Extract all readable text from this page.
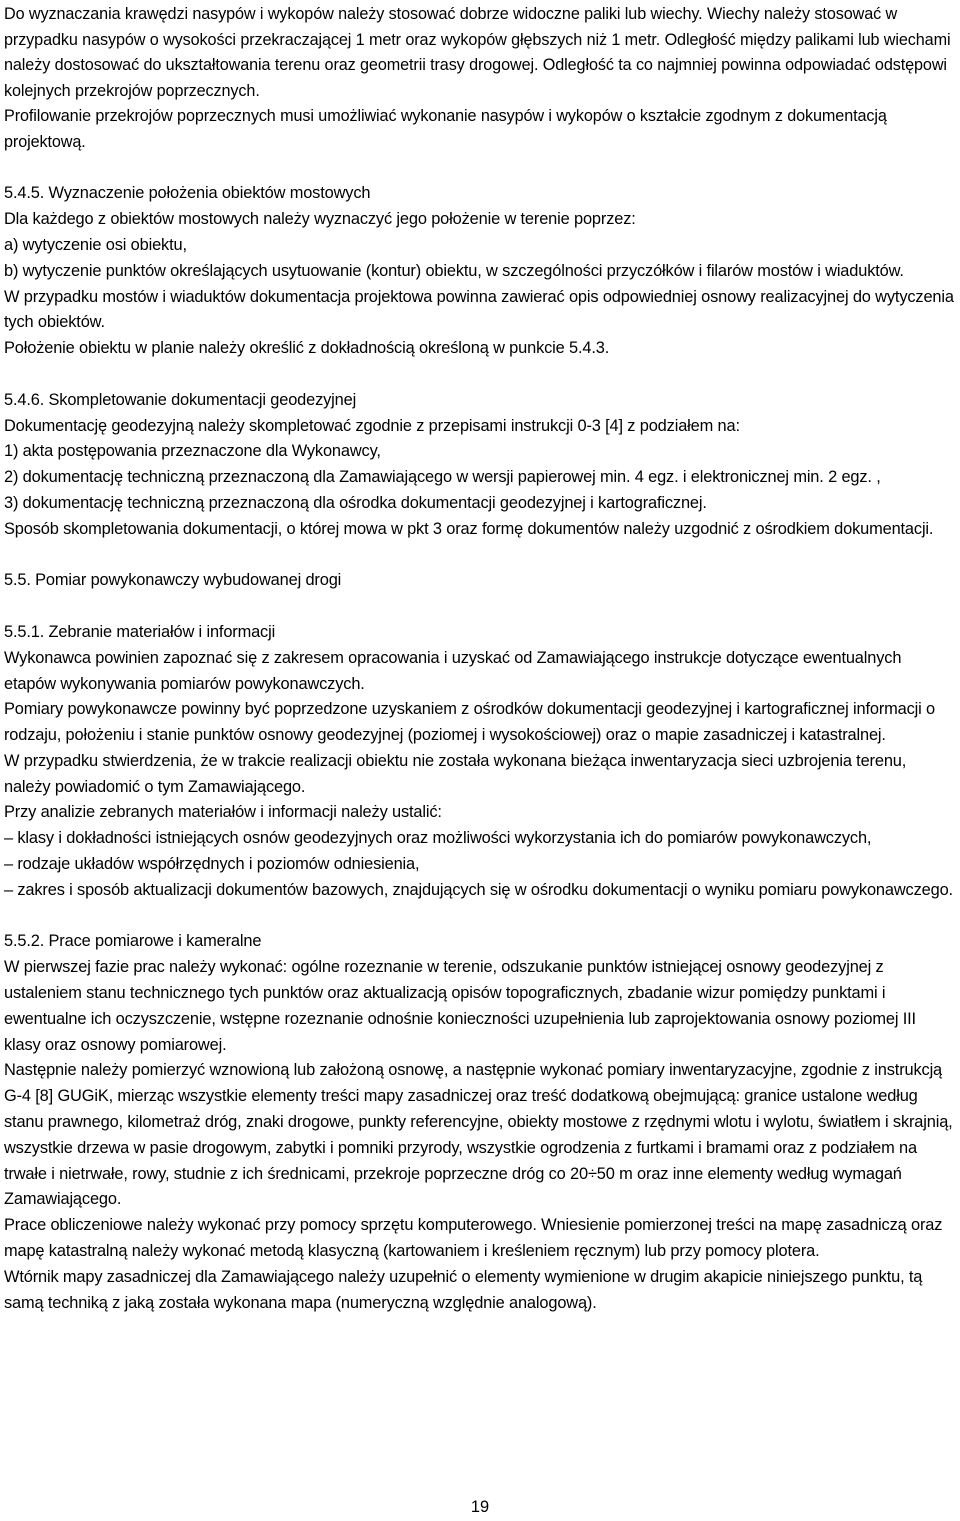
Do wyznaczania krawędzi nasypów i wykopów należy stosować dobrze widoczne paliki lub wiechy. Wiechy należy stosować w przypadku nasypów o wysokości przekraczającej 1 metr oraz wykopów głębszych niż 1 metr. Odległość między palikami lub wiechami należy dostosować do ukształtowania terenu oraz geometrii trasy drogowej. Odległość ta co najmniej powinna odpowiadać odstępowi kolejnych przekrojów poprzecznych.

Profilowanie przekrojów poprzecznych musi umożliwiać wykonanie nasypów i wykopów o kształcie zgodnym z dokumentacją projektową.

5.4.5. Wyznaczenie położenia obiektów mostowych

Dla każdego z obiektów mostowych należy wyznaczyć jego położenie w terenie poprzez:

a) wytyczenie osi obiektu,

b) wytyczenie punktów określających usytuowanie (kontur) obiektu, w szczególności przyczółków i filarów mostów i wiaduktów.

W przypadku mostów i wiaduktów dokumentacja projektowa powinna zawierać opis odpowiedniej osnowy realizacyjnej do wytyczenia tych obiektów.

Położenie obiektu w planie należy określić z dokładnością określoną w punkcie 5.4.3.

5.4.6. Skompletowanie dokumentacji geodezyjnej

Dokumentację geodezyjną należy skompletować zgodnie z przepisami instrukcji 0-3 [4] z podziałem na:

1) akta postępowania przeznaczone dla Wykonawcy,

2) dokumentację techniczną przeznaczoną dla Zamawiającego w wersji papierowej min. 4 egz. i elektronicznej min. 2 egz. ,

3) dokumentację techniczną przeznaczoną dla ośrodka dokumentacji geodezyjnej i kartograficznej.

Sposób skompletowania dokumentacji, o której mowa w pkt 3 oraz formę dokumentów należy uzgodnić z ośrodkiem dokumentacji.

5.5. Pomiar powykonawczy wybudowanej drogi

5.5.1. Zebranie materiałów i informacji

Wykonawca powinien zapoznać się z zakresem opracowania i uzyskać od Zamawiającego instrukcje dotyczące ewentualnych etapów wykonywania pomiarów powykonawczych.

Pomiary powykonawcze powinny być poprzedzone uzyskaniem z ośrodków dokumentacji geodezyjnej i kartograficznej informacji o rodzaju, położeniu i stanie punktów osnowy geodezyjnej (poziomej i wysokościowej) oraz o mapie zasadniczej i katastralnej.

W przypadku stwierdzenia, że w trakcie realizacji obiektu nie została wykonana bieżąca inwentaryzacja sieci uzbrojenia terenu, należy powiadomić o tym Zamawiającego.

Przy analizie zebranych materiałów i informacji należy ustalić:

– klasy i dokładności istniejących osnów geodezyjnych oraz możliwości wykorzystania ich do pomiarów powykonawczych,

– rodzaje układów współrzędnych i poziomów odniesienia,

– zakres i sposób aktualizacji dokumentów bazowych, znajdujących się w ośrodku dokumentacji o wyniku pomiaru powykonawczego.

5.5.2. Prace pomiarowe i kameralne

W pierwszej fazie prac należy wykonać: ogólne rozeznanie w terenie, odszukanie punktów istniejącej osnowy geodezyjnej z ustaleniem stanu technicznego tych punktów oraz aktualizacją opisów topograficznych, zbadanie wizur pomiędzy punktami i ewentualne ich oczyszczenie, wstępne rozeznanie odnośnie konieczności uzupełnienia lub zaprojektowania osnowy poziomej III klasy oraz osnowy pomiarowej.

Następnie należy pomierzyć wznowioną lub założoną osnowę, a następnie wykonać pomiary inwentaryzacyjne, zgodnie z instrukcją G-4 [8] GUGiK, mierząc wszystkie elementy treści mapy zasadniczej oraz treść dodatkową obejmującą: granice ustalone według stanu prawnego, kilometraż dróg, znaki drogowe, punkty referencyjne, obiekty mostowe z rzędnymi wlotu i wylotu, światłem i skrajnią, wszystkie drzewa w pasie drogowym, zabytki i pomniki przyrody, wszystkie ogrodzenia z furtkami i bramami oraz z podziałem na trwałe i nietrwałe, rowy, studnie z ich średnicami, przekroje poprzeczne dróg co 20÷50 m oraz inne elementy według wymagań Zamawiającego.

Prace obliczeniowe należy wykonać przy pomocy sprzętu komputerowego. Wniesienie pomierzonej treści na mapę zasadniczą oraz mapę katastralną należy wykonać metodą klasyczną (kartowaniem i kreśleniem ręcznym) lub przy pomocy plotera.

Wtórnik mapy zasadniczej dla Zamawiającego należy uzupełnić o elementy wymienione w drugim akapicie niniejszego punktu, tą samą techniką z jaką została wykonana mapa (numeryczną względnie analogową).

19
